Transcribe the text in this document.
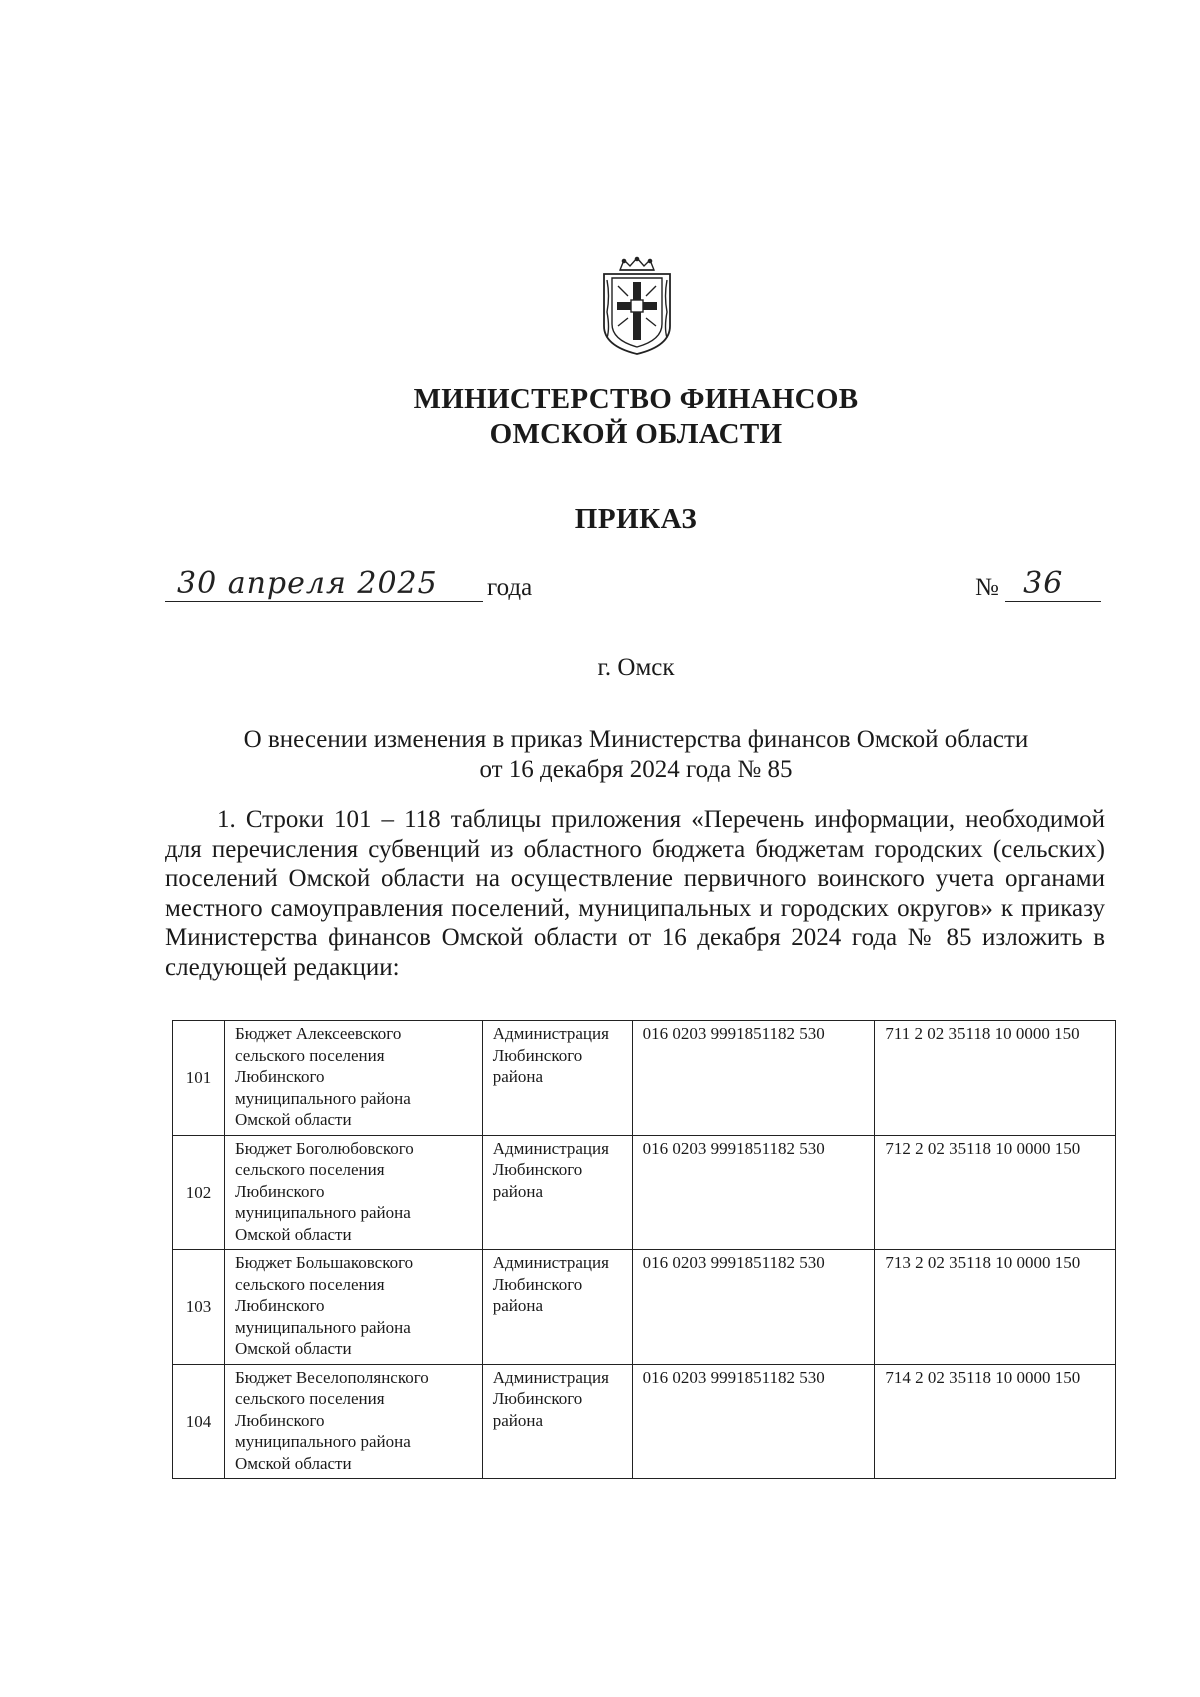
МИНИСТЕРСТВО ФИНАНСОВ
ОМСКОЙ ОБЛАСТИ
ПРИКАЗ
30 апреля 2025 года	№ 36
г. Омск
О внесении изменения в приказ Министерства финансов Омской области
от 16 декабря 2024 года № 85
1. Строки 101 – 118 таблицы приложения «Перечень информации, необходимой для перечисления субвенций из областного бюджета бюджетам городских (сельских) поселений Омской области на осуществление первичного воинского учета органами местного самоуправления поселений, муниципальных и городских округов» к приказу Министерства финансов Омской области от 16 декабря 2024 года № 85 изложить в следующей редакции:
101	Бюджет Алексеевского
сельского поселения
Любинского
муниципального района
Омской области	Администрация
Любинского
района	016 0203 9991851182 530	711 2 02 35118 10 0000 150
102	Бюджет Боголюбовского
сельского поселения
Любинского
муниципального района
Омской области	Администрация
Любинского
района	016 0203 9991851182 530	712 2 02 35118 10 0000 150
103	Бюджет Большаковского
сельского поселения
Любинского
муниципального района
Омской области	Администрация
Любинского
района	016 0203 9991851182 530	713 2 02 35118 10 0000 150
104	Бюджет Веселополянского
сельского поселения
Любинского
муниципального района
Омской области	Администрация
Любинского
района	016 0203 9991851182 530	714 2 02 35118 10 0000 150
